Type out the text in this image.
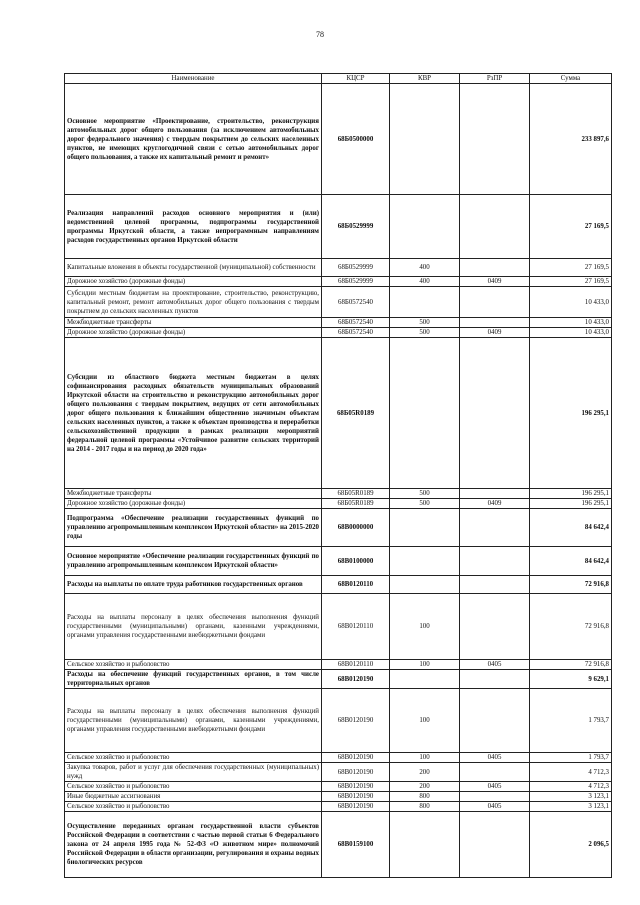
78
Наименование	КЦСР	КВР	РзПР	Сумма
Основное мероприятие «Проектирование, строительство, реконструкция автомобильных дорог общего пользования (за исключением автомобильных дорог федерального значения) с твердым покрытием до сельских населенных пунктов, не имеющих круглогодичной связи с сетью автомобильных дорог общего пользования, а также их капитальный ремонт и ремонт»	68Б0500000			233 897,6
Реализация направлений расходов основного мероприятия и (или) ведомственной целевой программы, подпрограммы государственной программы Иркутской области, а также непрограммным направлениям расходов государственных органов Иркутской области	68Б0529999			27 169,5
Капитальные вложения в объекты государственной (муниципальной) собственности	68Б0529999	400		27 169,5
Дорожное хозяйство (дорожные фонды)	68Б0529999	400	0409	27 169,5
Субсидии местным бюджетам на проектирование, строительство, реконструкцию, капитальный ремонт, ремонт автомобильных дорог общего пользования с твердым покрытием до сельских населенных пунктов	68Б0572540			10 433,0
Межбюджетные трансферты	68Б0572540	500		10 433,0
Дорожное хозяйство (дорожные фонды)	68Б0572540	500	0409	10 433,0
Субсидии из областного бюджета местным бюджетам в целях софинансирования расходных обязательств муниципальных образований Иркутской области на строительство и реконструкцию автомобильных дорог общего пользования с твердым покрытием, ведущих от сети автомобильных дорог общего пользования к ближайшим общественно значимым объектам сельских населенных пунктов, а также к объектам производства и переработки сельскохозяйственной продукции в рамках реализации мероприятий федеральной целевой программы «Устойчивое развитие сельских территорий на 2014 - 2017 годы и на период до 2020 года»	68Б05R0189			196 295,1
Межбюджетные трансферты	68Б05R0189	500		196 295,1
Дорожное хозяйство (дорожные фонды)	68Б05R0189	500	0409	196 295,1
Подпрограмма «Обеспечение реализации государственных функций по управлению агропромышленным комплексом Иркутской области» на 2015-2020 годы	68В0000000			84 642,4
Основное мероприятие «Обеспечение реализации государственных функций по управлению агропромышленным комплексом Иркутской области»	68В0100000			84 642,4
Расходы на выплаты по оплате труда работников государственных органов	68В0120110			72 916,8
Расходы на выплаты персоналу в целях обеспечения выполнения функций государственными (муниципальными) органами, казенными учреждениями, органами управления государственными внебюджетными фондами	68В0120110	100		72 916,8
Сельское хозяйство и рыболовство	68В0120110	100	0405	72 916,8
Расходы на обеспечение функций государственных органов, в том числе территориальных органов	68В0120190			9 629,1
Расходы на выплаты персоналу в целях обеспечения выполнения функций государственными (муниципальными) органами, казенными учреждениями, органами управления государственными внебюджетными фондами	68В0120190	100		1 793,7
Сельское хозяйство и рыболовство	68В0120190	100	0405	1 793,7
Закупка товаров, работ и услуг для обеспечения государственных (муниципальных) нужд	68В0120190	200		4 712,3
Сельское хозяйство и рыболовство	68В0120190	200	0405	4 712,3
Иные бюджетные ассигнования	68В0120190	800		3 123,1
Сельское хозяйство и рыболовство	68В0120190	800	0405	3 123,1
Осуществление переданных органам государственной власти субъектов Российской Федерации в соответствии с частью первой статьи 6 Федерального закона от 24 апреля 1995 года № 52-ФЗ «О животном мире» полномочий Российской Федерации в области организации, регулирования и охраны водных биологических ресурсов	68В0159100			2 096,5
